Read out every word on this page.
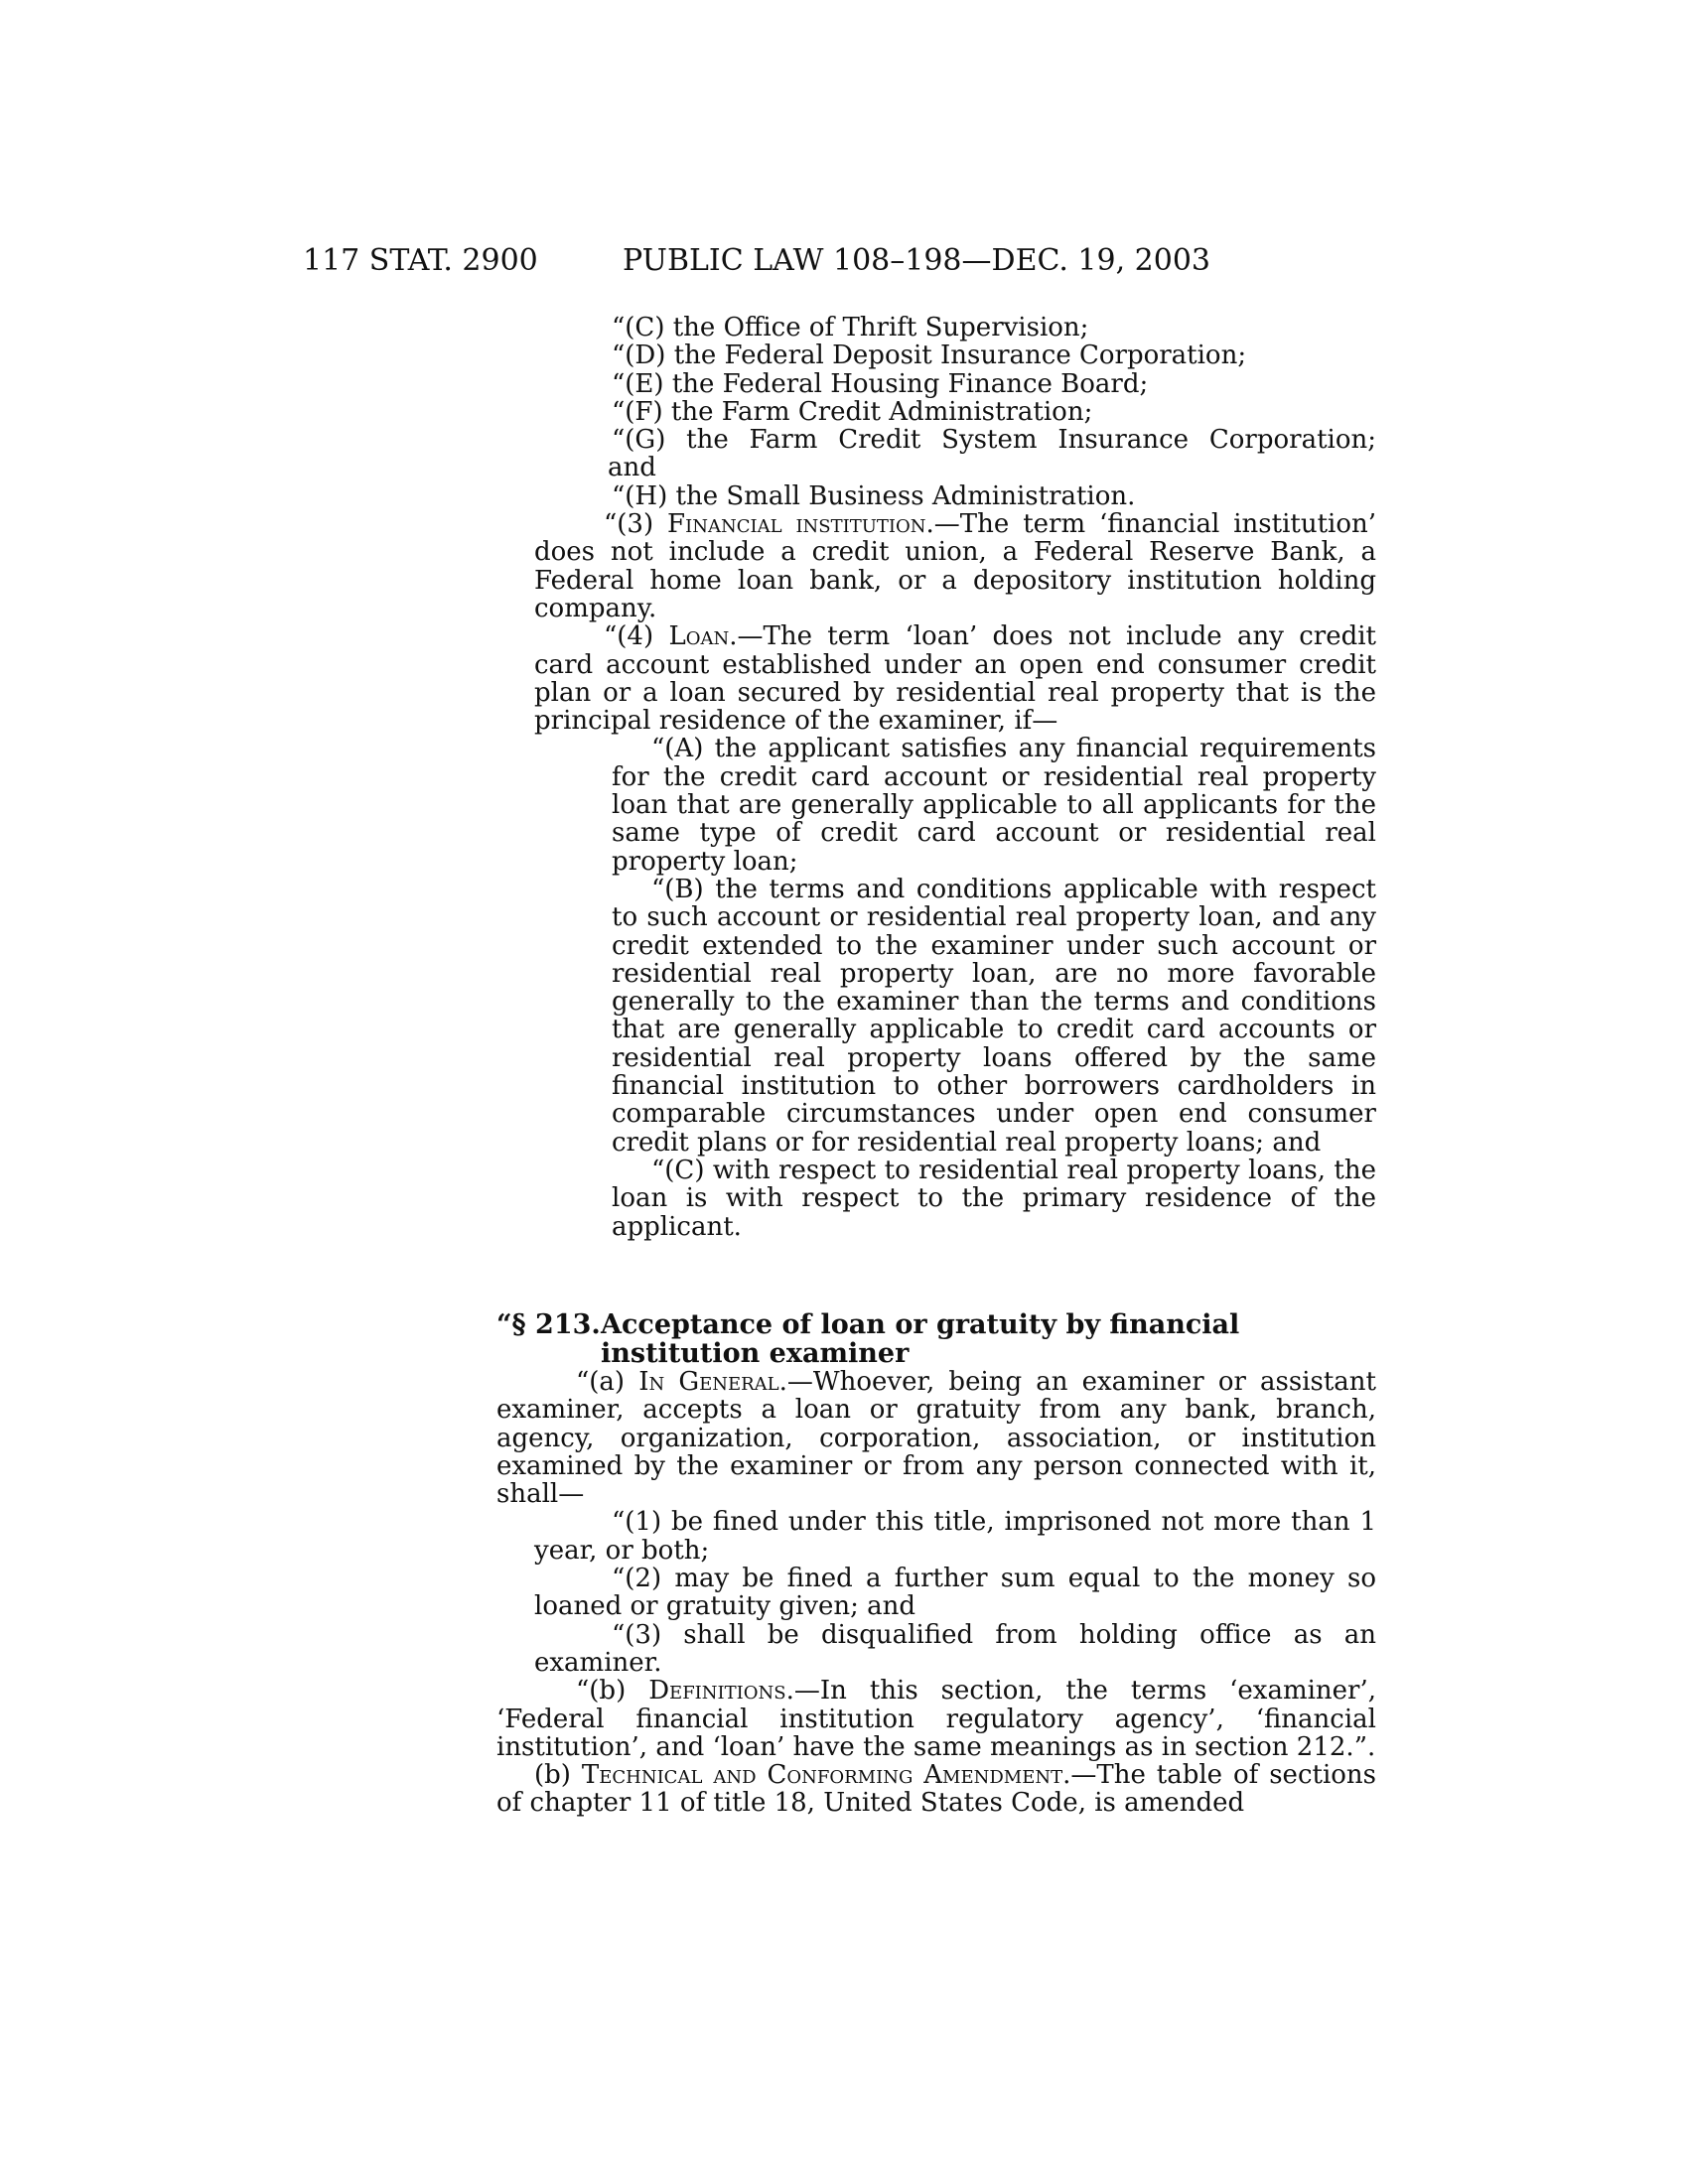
117 STAT. 2900	PUBLIC LAW 108–198—DEC. 19, 2003

“(C) the Office of Thrift Supervision;

“(D) the Federal Deposit Insurance Corporation;

“(E) the Federal Housing Finance Board;

“(F) the Farm Credit Administration;

“(G) the Farm Credit System Insurance Corporation;

and

“(H) the Small Business Administration.

“(3) Financial institution.—The term ‘financial institution’ does not include a credit union, a Federal Reserve Bank, a Federal home loan bank, or a depository institution holding company.

“(4) Loan.—The term ‘loan’ does not include any credit card account established under an open end consumer credit plan or a loan secured by residential real property that is the principal residence of the examiner, if—

“(A) the applicant satisfies any financial requirements for the credit card account or residential real property loan that are generally applicable to all applicants for the same type of credit card account or residential real property loan;

“(B) the terms and conditions applicable with respect to such account or residential real property loan, and any credit extended to the examiner under such account or residential real property loan, are no more favorable generally to the examiner than the terms and conditions that are generally applicable to credit card accounts or residential real property loans offered by the same financial institution to other borrowers cardholders in comparable circumstances under open end consumer credit plans or for residential real property loans; and

“(C) with respect to residential real property loans, the loan is with respect to the primary residence of the applicant.

“§ 213.Acceptance of loan or gratuity by financial institution examiner

“(a) In General.—Whoever, being an examiner or assistant examiner, accepts a loan or gratuity from any bank, branch, agency, organization, corporation, association, or institution examined by the examiner or from any person connected with it, shall—

“(1) be fined under this title, imprisoned not more than 1 year, or both;

“(2) may be fined a further sum equal to the money so loaned or gratuity given; and

“(3) shall be disqualified from holding office as an examiner.

“(b) Definitions.—In this section, the terms ‘examiner’, ‘Federal financial institution regulatory agency’, ‘financial institution’, and ‘loan’ have the same meanings as in section 212.”.

(b) Technical and Conforming Amendment.—The table of sections of chapter 11 of title 18, United States Code, is amended
